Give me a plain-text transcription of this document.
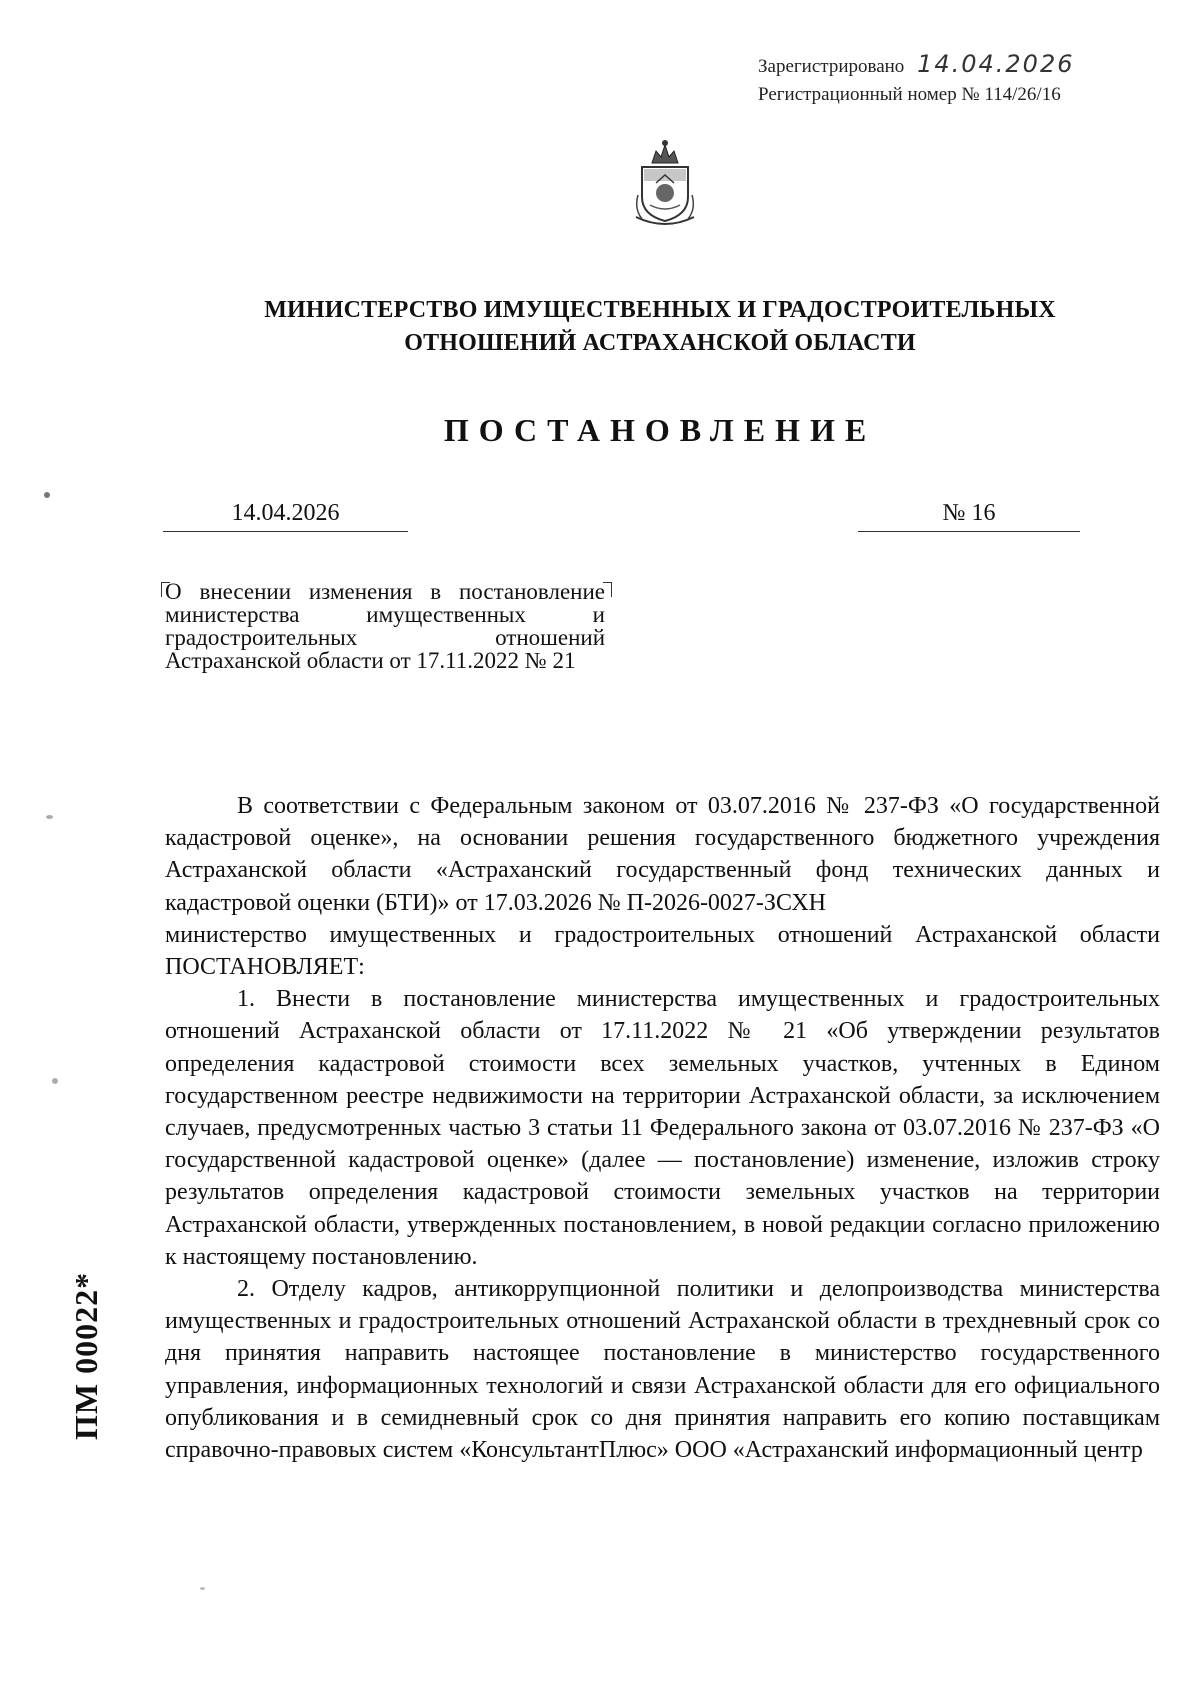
Зарегистрировано 14.04.2026
Регистрационный номер № 114/26/16
МИНИСТЕРСТВО ИМУЩЕСТВЕННЫХ И ГРАДОСТРОИТЕЛЬНЫХ
ОТНОШЕНИЙ АСТРАХАНСКОЙ ОБЛАСТИ
ПОСТАНОВЛЕНИЕ
14.04.2026	№ 16
О внесении изменения в постановление министерства имущественных и градостроительных отношений Астраханской области от 17.11.2022 № 21

В соответствии с Федеральным законом от 03.07.2016 № 237-ФЗ «О государственной кадастровой оценке», на основании решения государственного бюджетного учреждения Астраханской области «Астраханский государственный фонд технических данных и кадастровой оценки (БТИ)» от 17.03.2026 № П-2026-0027-ЗСХН

министерство имущественных и градостроительных отношений Астраханской области ПОСТАНОВЛЯЕТ:

1. Внести в постановление министерства имущественных и градостроительных отношений Астраханской области от 17.11.2022 № 21 «Об утверждении результатов определения кадастровой стоимости всех земельных участков, учтенных в Едином государственном реестре недвижимости на территории Астраханской области, за исключением случаев, предусмотренных частью 3 статьи 11 Федерального закона от 03.07.2016 № 237-ФЗ «О государственной кадастровой оценке» (далее — постановление) изменение, изложив строку результатов определения кадастровой стоимости земельных участков на территории Астраханской области, утвержденных постановлением, в новой редакции согласно приложению к настоящему постановлению.

2. Отделу кадров, антикоррупционной политики и делопроизводства министерства имущественных и градостроительных отношений Астраханской области в трехдневный срок со дня принятия направить настоящее постановление в министерство государственного управления, информационных технологий и связи Астраханской области для его официального опубликования и в семидневный срок со дня принятия направить его копию поставщикам справочно-правовых систем «КонсультантПлюс» ООО «Астраханский информационный центр

ПМ 00022*
